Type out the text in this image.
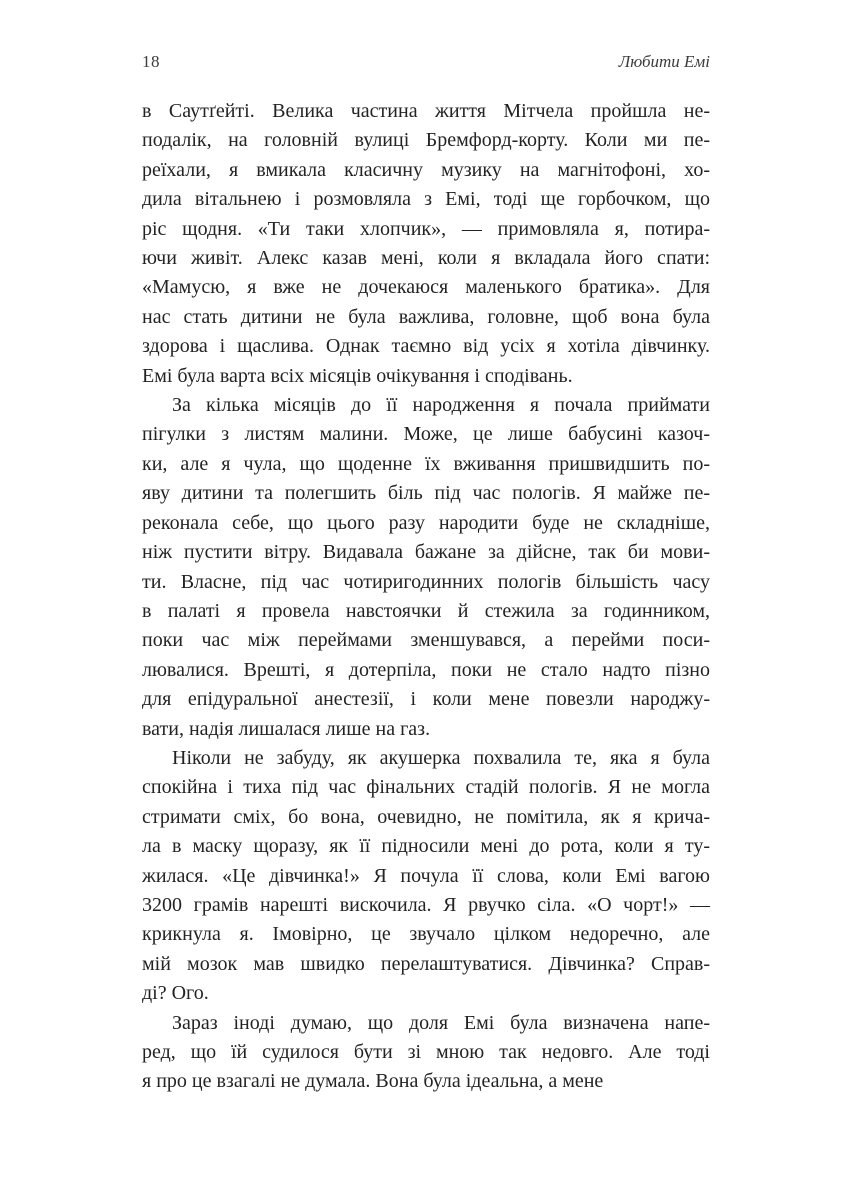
18	Любити Емі
в Саутґейті. Велика частина життя Мітчела пройшла не-
подалік, на головній вулиці Бремфорд-корту. Коли ми пе-
реїхали, я вмикала класичну музику на магнітофоні, хо-
дила вітальнею і розмовляла з Емі, тоді ще горбочком, що
ріс щодня. «Ти таки хлопчик», — примовляла я, потира-
ючи живіт. Алекс казав мені, коли я вкладала його спати:
«Мамусю, я вже не дочекаюся маленького братика». Для
нас стать дитини не була важлива, головне, щоб вона була
здорова і щаслива. Однак таємно від усіх я хотіла дівчинку.
Емі була варта всіх місяців очікування і сподівань.
За кілька місяців до її народження я почала приймати
пігулки з листям малини. Може, це лише бабусині казоч-
ки, але я чула, що щоденне їх вживання пришвидшить по-
яву дитини та полегшить біль під час пологів. Я майже пе-
реконала себе, що цього разу народити буде не складніше,
ніж пустити вітру. Видавала бажане за дійсне, так би мови-
ти. Власне, під час чотиригодинних пологів більшість часу
в палаті я провела навстоячки й стежила за годинником,
поки час між переймами зменшувався, а перейми поси-
лювалися. Врешті, я дотерпіла, поки не стало надто пізно
для епідуральної анестезії, і коли мене повезли народжу-
вати, надія лишалася лише на газ.
Ніколи не забуду, як акушерка похвалила те, яка я була
спокійна і тиха під час фінальних стадій пологів. Я не могла
стримати сміх, бо вона, очевидно, не помітила, як я крича-
ла в маску щоразу, як її підносили мені до рота, коли я ту-
жилася. «Це дівчинка!» Я почула її слова, коли Емі вагою
3200 грамів нарешті вискочила. Я рвучко сіла. «О чорт!» —
крикнула я. Імовірно, це звучало цілком недоречно, але
мій мозок мав швидко перелаштуватися. Дівчинка? Справ-
ді? Ого.
Зараз іноді думаю, що доля Емі була визначена напе-
ред, що їй судилося бути зі мною так недовго. Але тоді
я про це взагалі не думала. Вона була ідеальна, а мене
